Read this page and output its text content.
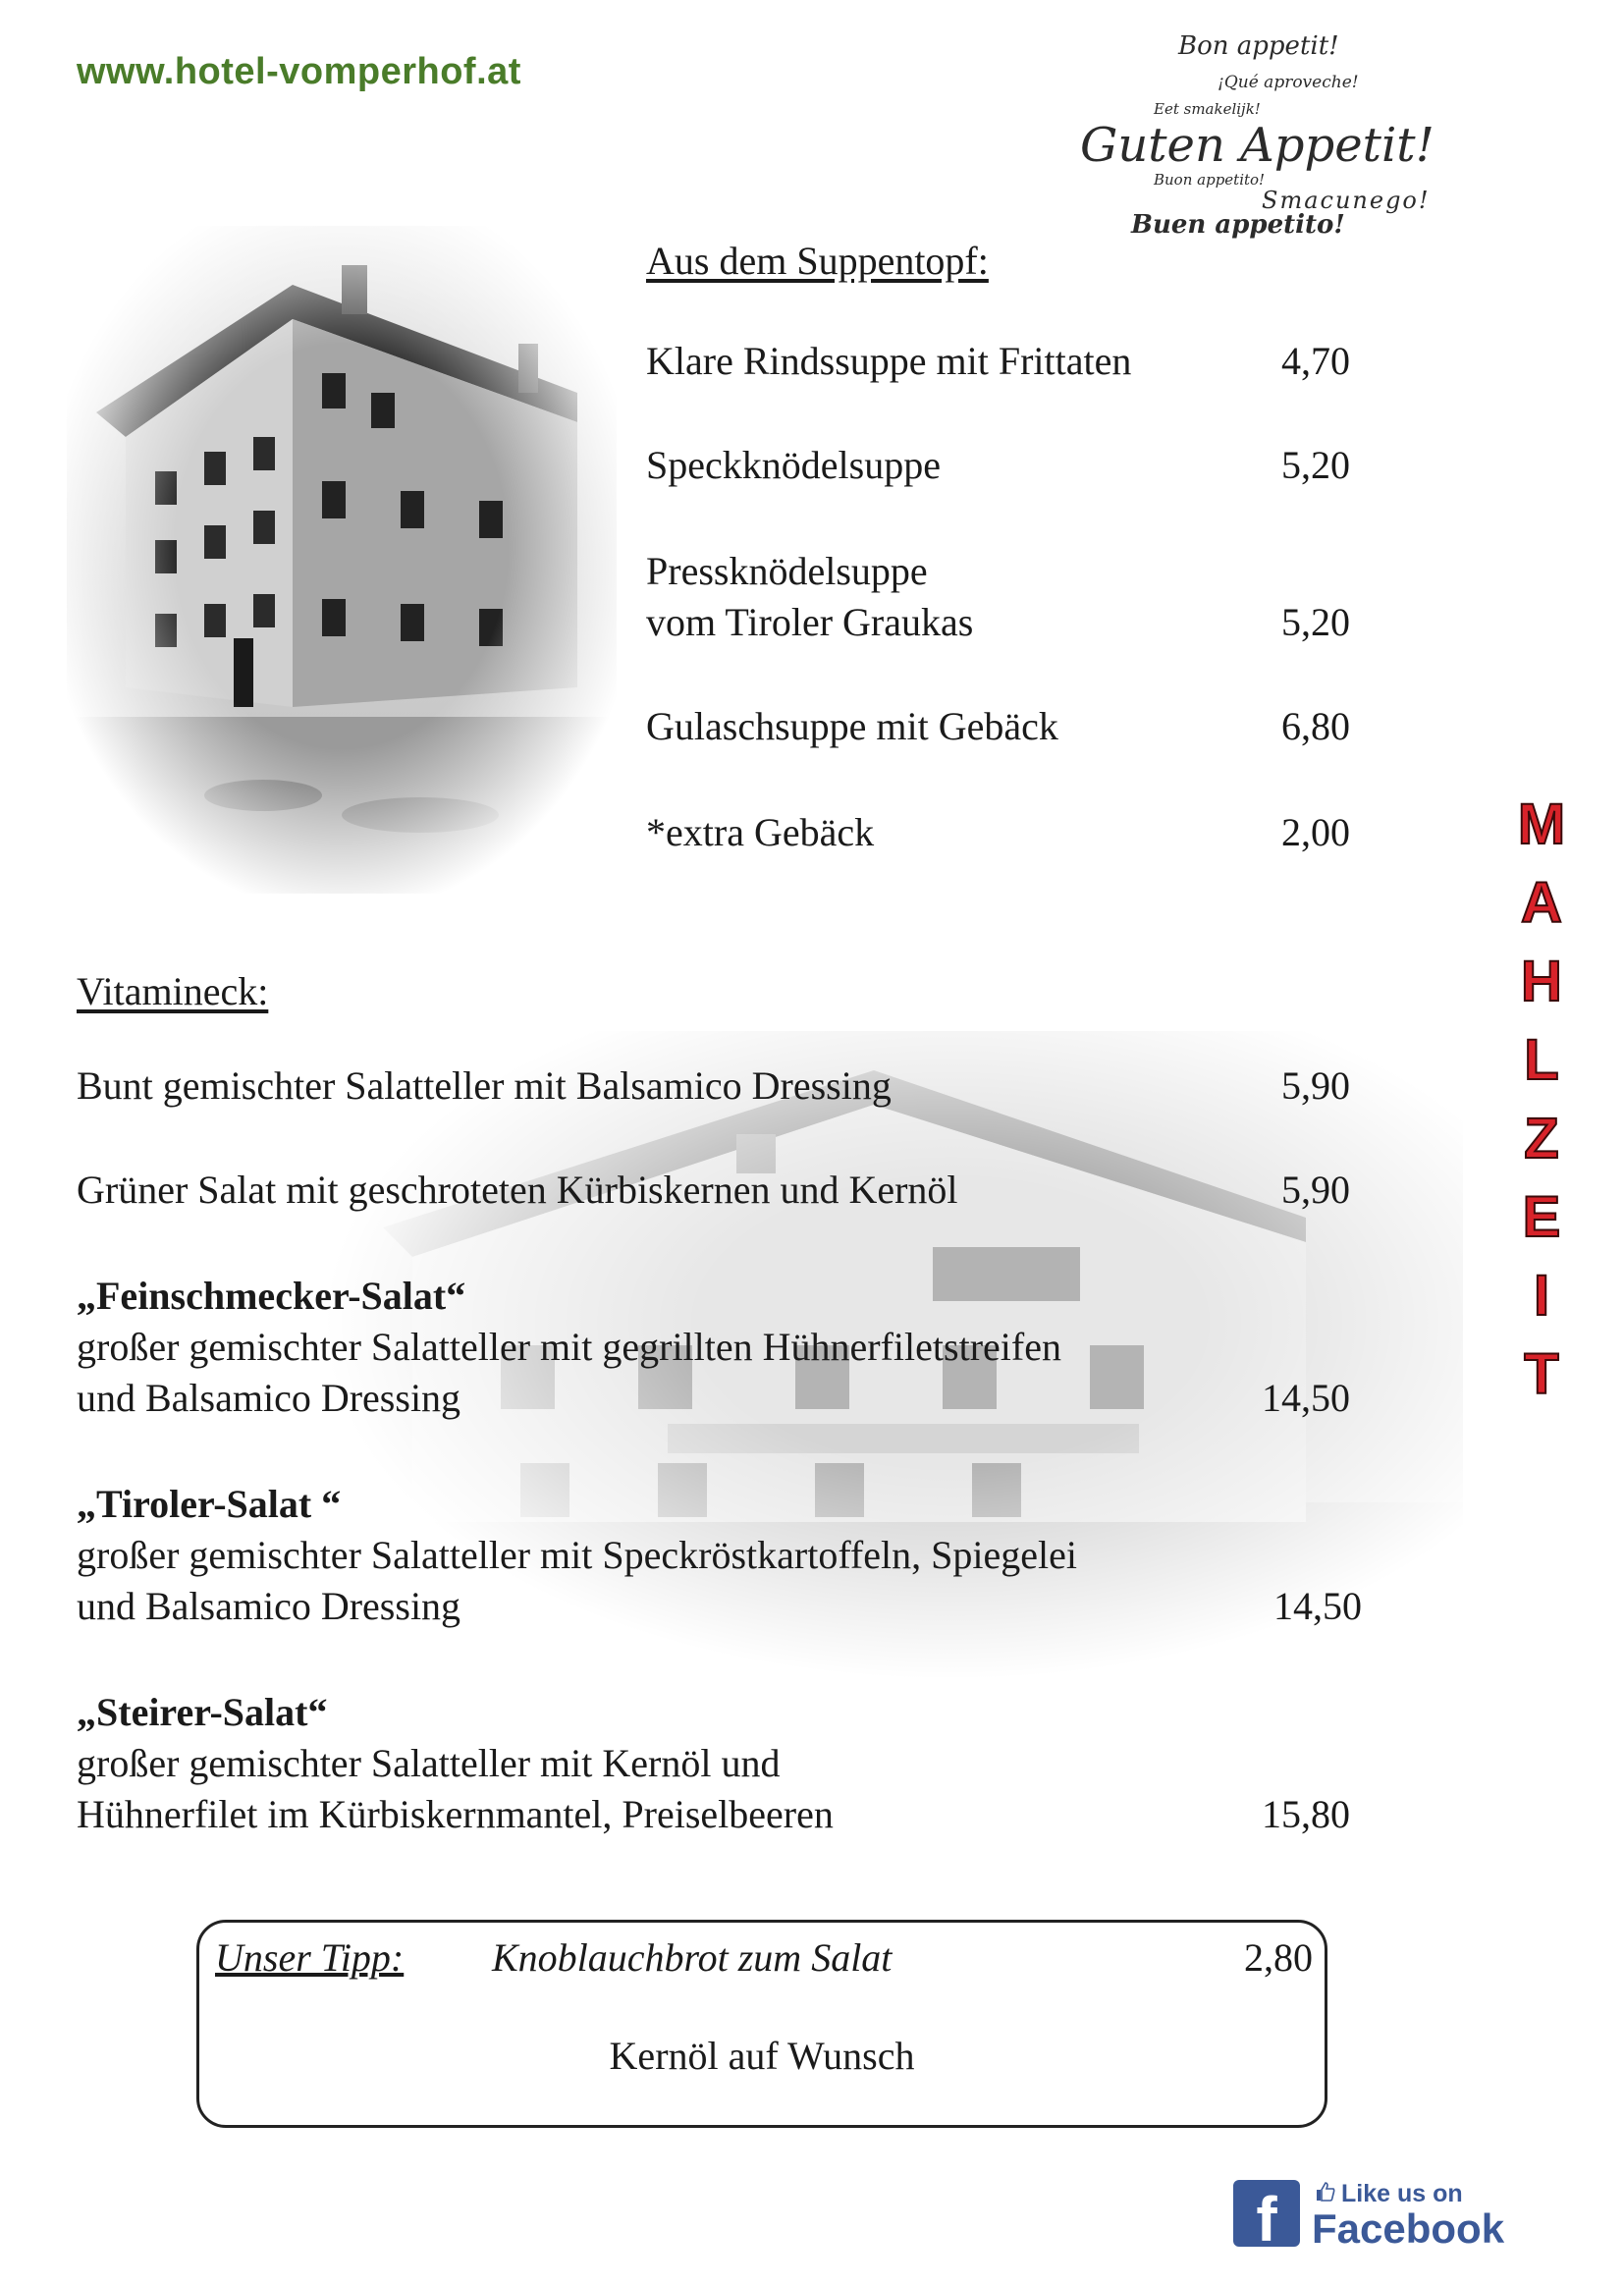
www.hotel-vomperhof.at
Bon appetit!
¡Qué aproveche!
Eet smakelijk!
Guten Appetit!
Buon appetito!
Smacunego!
Buen appetito!
Aus dem Suppentopf:
Klare Rindssuppe mit Frittaten	4,70
Speckknödelsuppe	5,20
Pressknödelsuppe
vom Tiroler Graukas	5,20
Gulaschsuppe mit Gebäck	6,80
*extra Gebäck	2,00
Vitamineck:
Bunt gemischter Salatteller mit Balsamico Dressing	5,90
Grüner Salat mit geschroteten Kürbiskernen und Kernöl	5,90
„Feinschmecker-Salat“
großer gemischter Salatteller mit gegrillten Hühnerfiletstreifen
und Balsamico Dressing	14,50
„Tiroler-Salat “
großer gemischter Salatteller mit Speckröstkartoffeln, Spiegelei
und Balsamico Dressing	14,50
„Steirer-Salat“
großer gemischter Salatteller mit Kernöl und
Hühnerfilet im Kürbiskernmantel, Preiselbeeren	15,80
M
A
H
L
Z
E
I
T
Unser Tipp: Knoblauchbrot zum Salat	2,80
Kernöl auf Wunsch
f	Like us on
Facebook
